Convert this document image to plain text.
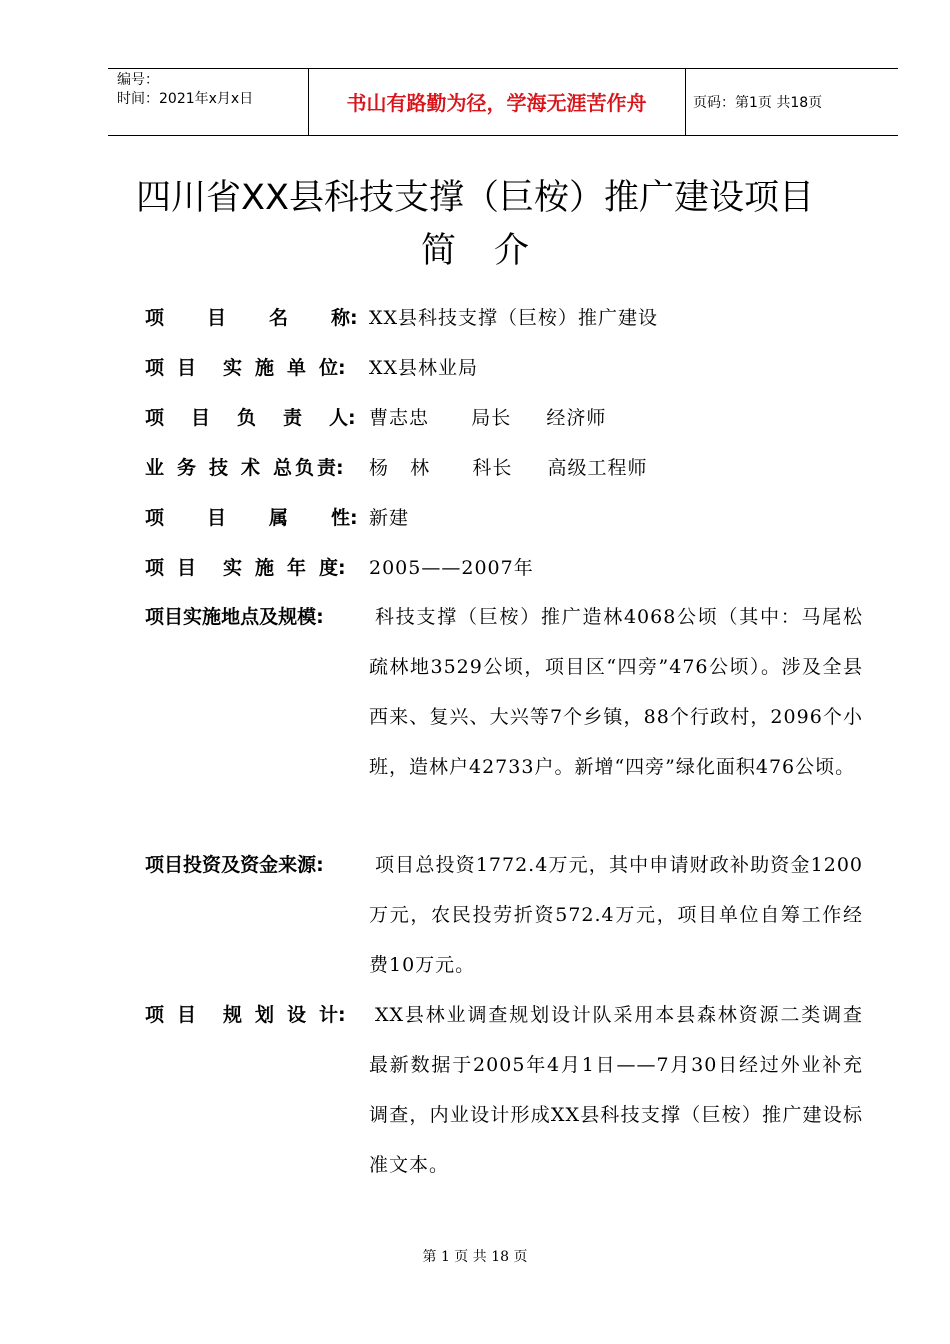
编号：
时间：2021年x月x日	书山有路勤为径，学海无涯苦作舟	页码：第1页 共18页
四川省XX县科技支撑（巨桉）推广建设项目
简介
项 目 名 称: XX县科技支撑（巨桉）推广建设
项 目 实 施 单 位:	XX县林业局
项 目 负 责 人: 曹志忠      局长     经济师
业 务 技 术 总 负 责:	杨   林      科长     高级工程师
项 目 属 性: 新建
项 目 实 施 年 度:	2005——2007年
项目实施地点及规模:	科技支撑（巨桉）推广造林4068公顷（其中：马尾松疏林地3529公顷，项目区“四旁”476公顷）。涉及全县西来、复兴、大兴等7个乡镇，88个行政村，2096个小班，造林户42733户。新增“四旁”绿化面积476公顷。
项目投资及资金来源:	项目总投资1772.4万元，其中申请财政补助资金1200万元，农民投劳折资572.4万元，项目单位自筹工作经费10万元。
项 目 规 划 设 计:	XX县林业调查规划设计队采用本县森林资源二类调查最新数据于2005年4月1日——7月30日经过外业补充调查，内业设计形成XX县科技支撑（巨桉）推广建设标准文本。
第 1 页 共 18 页
